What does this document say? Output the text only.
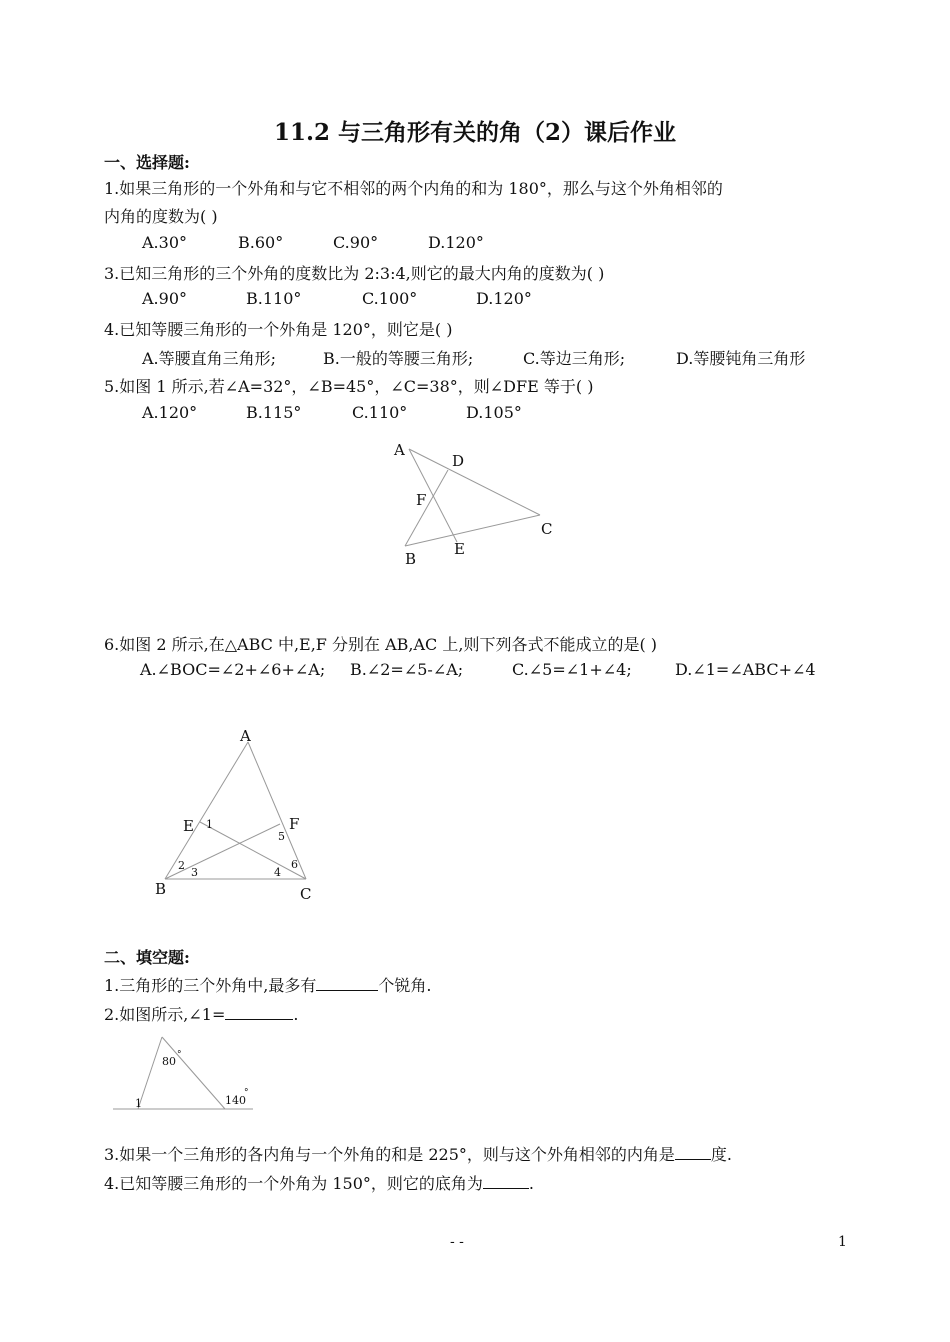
11.2 与三角形有关的角（2）课后作业
一、选择题:
1.如果三角形的一个外角和与它不相邻的两个内角的和为 180°，那么与这个外角相邻的
内角的度数为( )
A.30°	B.60°	C.90°	D.120°
3.已知三角形的三个外角的度数比为 2:3:4,则它的最大内角的度数为( )
A.90°	B.110°	C.100°	D.120°
4.已知等腰三角形的一个外角是 120°，则它是( )
A.等腰直角三角形;	B.一般的等腰三角形;	C.等边三角形;	D.等腰钝角三角形
5.如图 1 所示,若∠A=32°，∠B=45°，∠C=38°，则∠DFE 等于( )
A.120°	B.115°	C.110°	D.105°
A
D
F
C
B
E
6.如图 2 所示,在△ABC 中,E,F 分别在 AB,AC 上,则下列各式不能成立的是( )
A.∠BOC=∠2+∠6+∠A; B.∠2=∠5-∠A;	C.∠5=∠1+∠4;	D.∠1=∠ABC+∠4
A
E	F
B	C
1
2
3	4
5
6
二、填空题:
1.三角形的三个外角中,最多有	个锐角.
2.如图所示,∠1=	.
80 °
140
°
1
3.如果一个三角形的各内角与一个外角的和是 225°，则与这个外角相邻的内角是 度.
4.已知等腰三角形的一个外角为 150°，则它的底角为	.
- -	1
